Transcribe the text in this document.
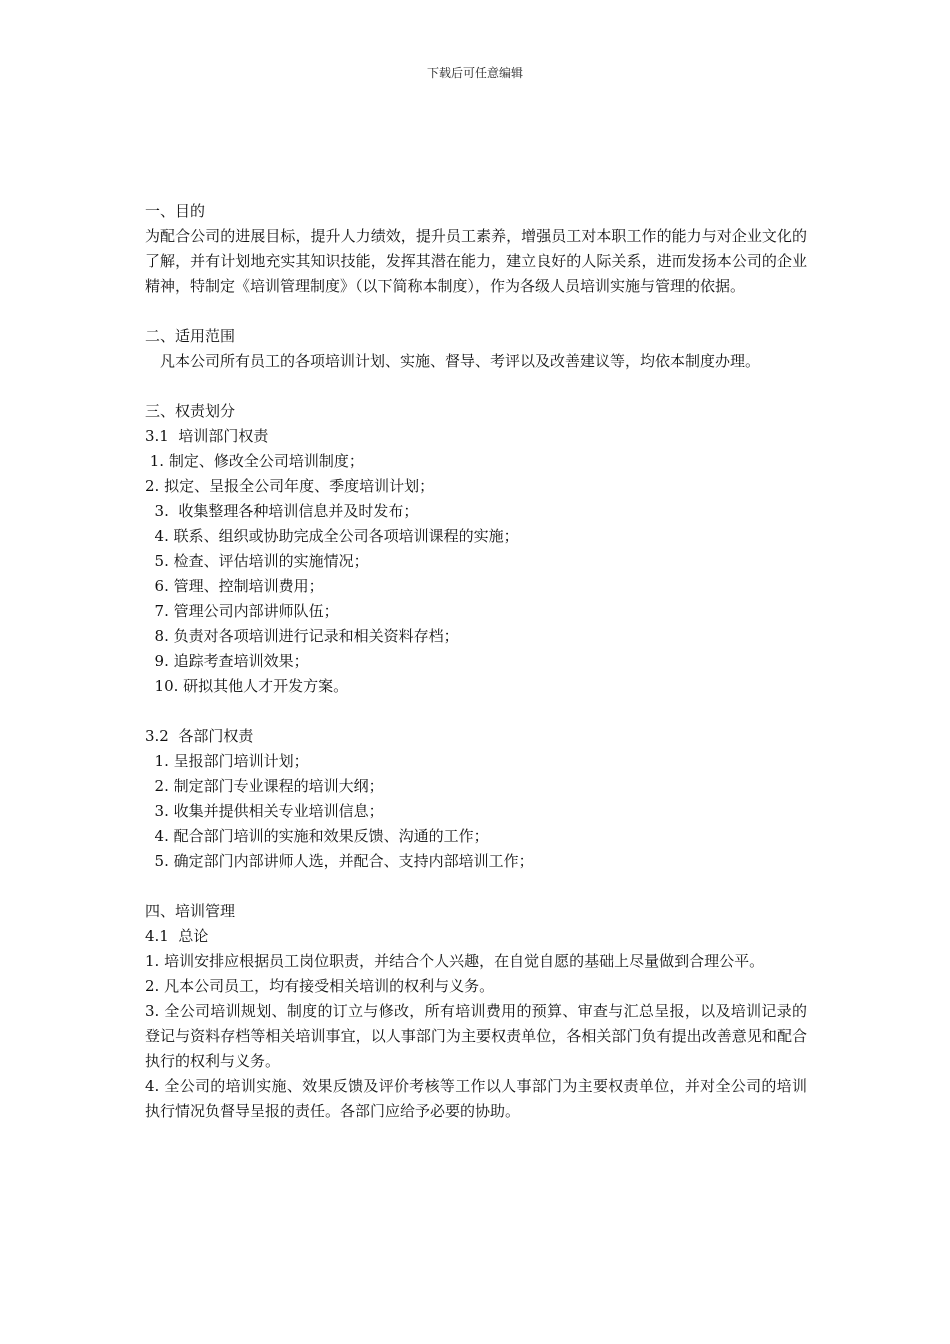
下载后可任意编辑
一、目的
为配合公司的进展目标，提升人力绩效，提升员工素养，增强员工对本职工作的能力与对企业文化的了解，并有计划地充实其知识技能，发挥其潜在能力，建立良好的人际关系，进而发扬本公司的企业精神，特制定《培训管理制度》（以下简称本制度），作为各级人员培训实施与管理的依据。
二、适用范围
凡本公司所有员工的各项培训计划、实施、督导、考评以及改善建议等，均依本制度办理。
三、权责划分
3.1  培训部门权责
1. 制定、修改全公司培训制度；
2. 拟定、呈报全公司年度、季度培训计划；
3.  收集整理各种培训信息并及时发布；
4. 联系、组织或协助完成全公司各项培训课程的实施；
5. 检查、评估培训的实施情况；
6. 管理、控制培训费用；
7. 管理公司内部讲师队伍；
8. 负责对各项培训进行记录和相关资料存档；
9. 追踪考查培训效果；
10. 研拟其他人才开发方案。
3.2  各部门权责
1. 呈报部门培训计划；
2. 制定部门专业课程的培训大纲；
3. 收集并提供相关专业培训信息；
4. 配合部门培训的实施和效果反馈、沟通的工作；
5. 确定部门内部讲师人选，并配合、支持内部培训工作；
四、培训管理
4.1  总论
1. 培训安排应根据员工岗位职责，并结合个人兴趣，在自觉自愿的基础上尽量做到合理公平。
2. 凡本公司员工，均有接受相关培训的权利与义务。
3. 全公司培训规划、制度的订立与修改，所有培训费用的预算、审查与汇总呈报，以及培训记录的登记与资料存档等相关培训事宜，以人事部门为主要权责单位，各相关部门负有提出改善意见和配合执行的权利与义务。
4. 全公司的培训实施、效果反馈及评价考核等工作以人事部门为主要权责单位，并对全公司的培训执行情况负督导呈报的责任。各部门应给予必要的协助。
